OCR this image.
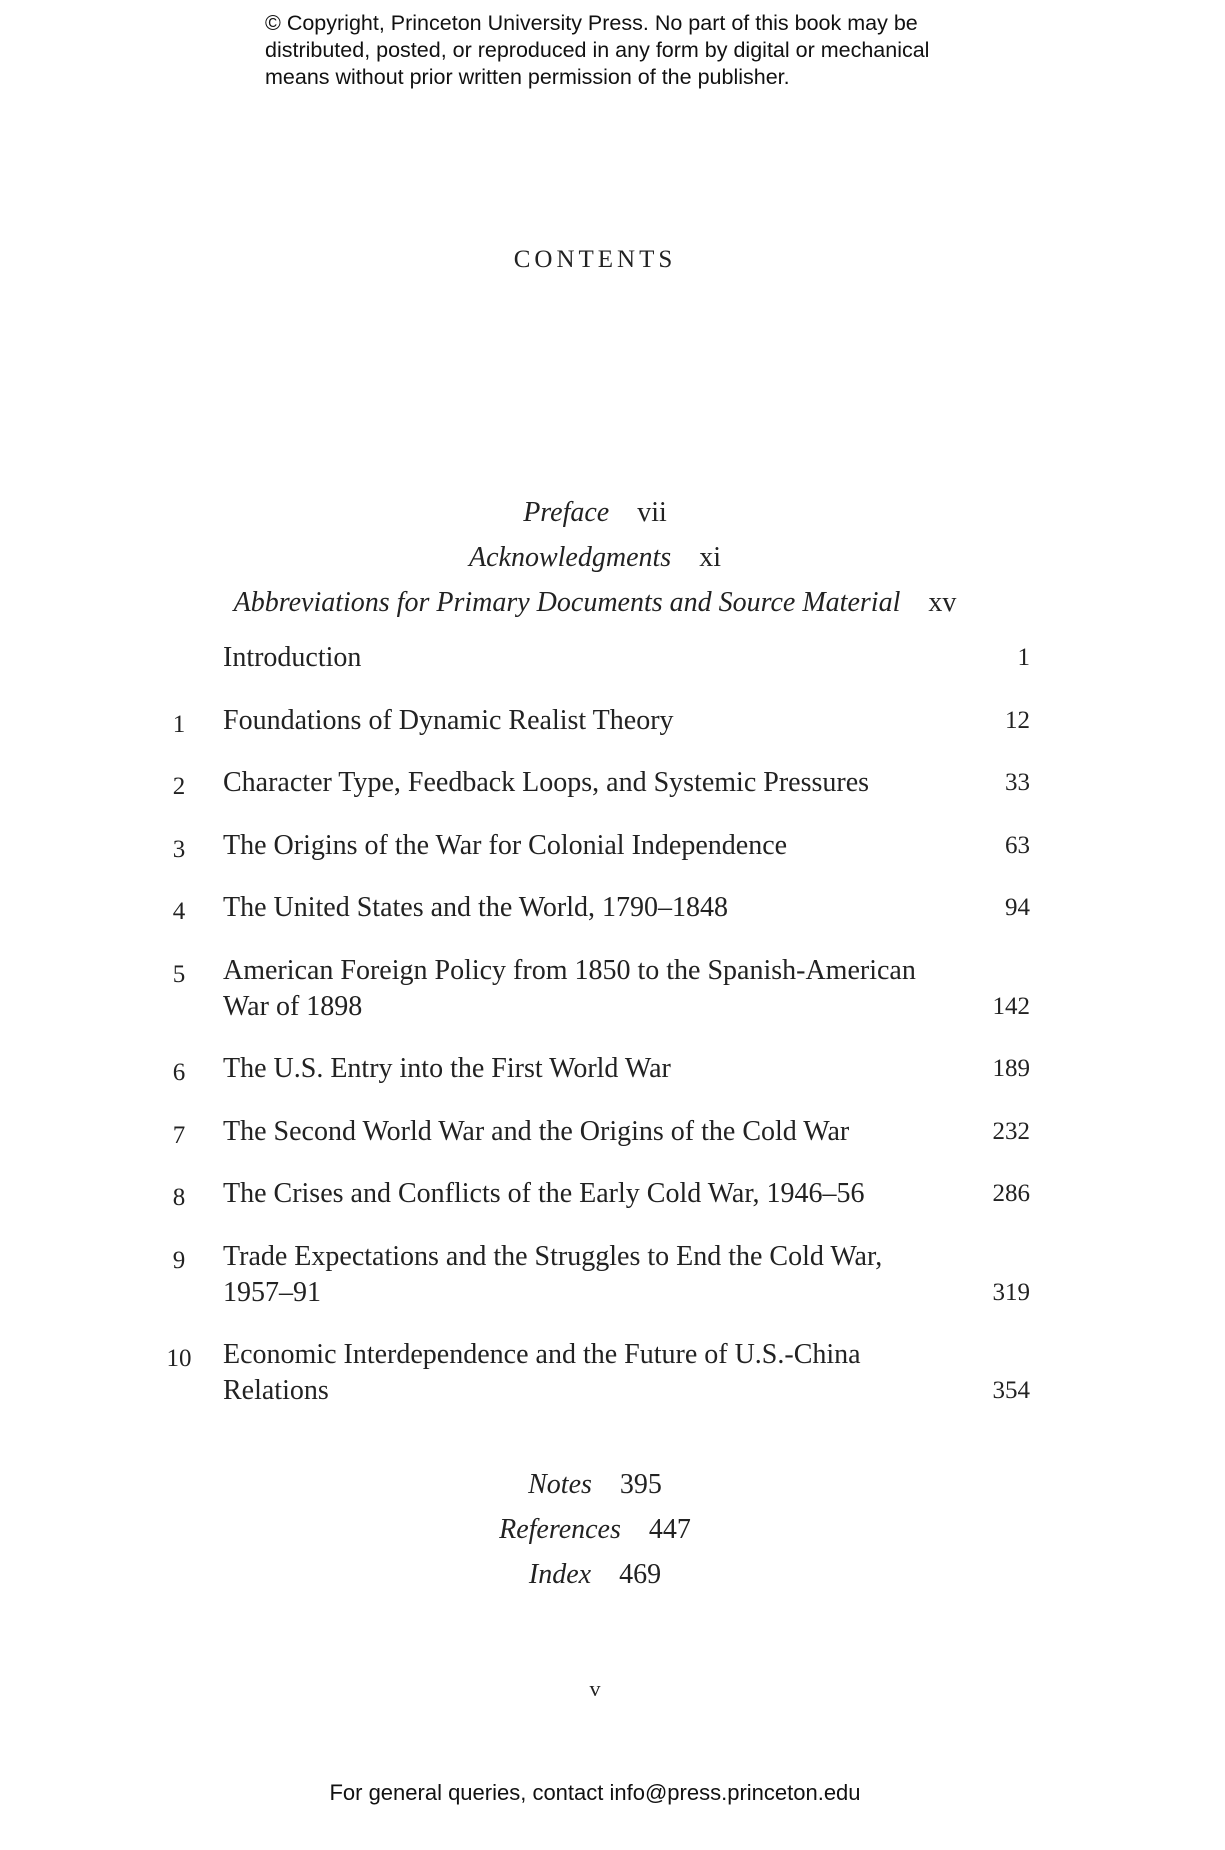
© Copyright, Princeton University Press. No part of this book may be
distributed, posted, or reproduced in any form by digital or mechanical
means without prior written permission of the publisher.
CONTENTS
Preface vii
Acknowledgments xi
Abbreviations for Primary Documents and Source Material xv
Introduction	1
1	Foundations of Dynamic Realist Theory	12
2	Character Type, Feedback Loops, and Systemic Pressures	33
3	The Origins of the War for Colonial Independence	63
4	The United States and the World, 1790–1848	94
5	American Foreign Policy from 1850 to the Spanish-American War of 1898	142
6	The U.S. Entry into the First World War	189
7	The Second World War and the Origins of the Cold War	232
8	The Crises and Conflicts of the Early Cold War, 1946–56	286
9	Trade Expectations and the Struggles to End the Cold War, 1957–91	319
10 Economic Interdependence and the Future of U.S.-China Relations	354
Notes 395
References 447
Index 469
v
For general queries, contact info@press.princeton.edu
